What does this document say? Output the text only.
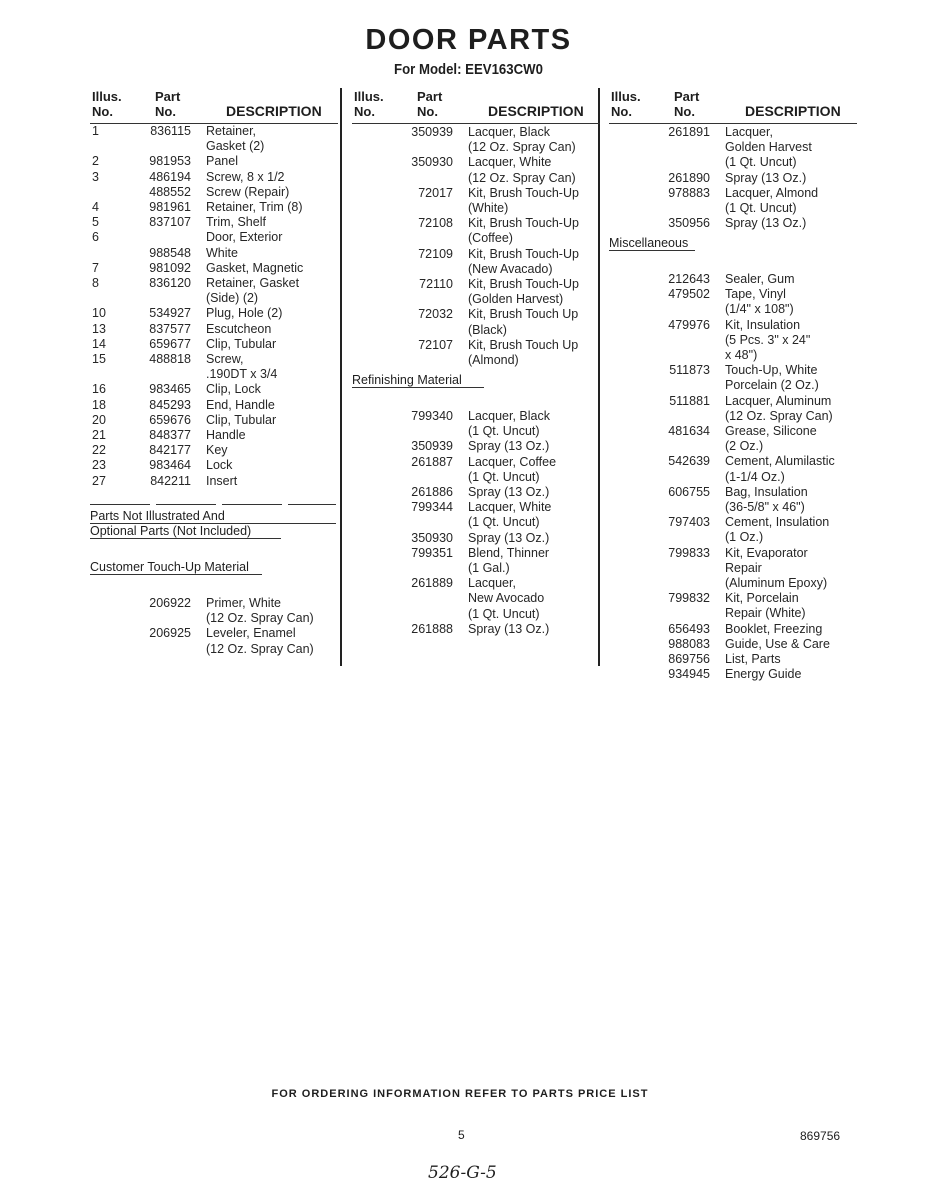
DOOR PARTS
For Model: EEV163CW0
Illus.
No.
Part
No.	DESCRIPTION
1	836115 Retainer,
Gasket (2)
2	981953 Panel
3	486194 Screw, 8 x 1/2
488552 Screw (Repair)
4	981961 Retainer, Trim (8)
5	837107 Trim, Shelf
6	Door, Exterior
988548 White
7	981092 Gasket, Magnetic
8	836120 Retainer, Gasket
(Side) (2)
10	534927 Plug, Hole (2)
13	837577 Escutcheon
14	659677 Clip, Tubular
15	488818 Screw,
.190DT x 3/4
16	983465 Clip, Lock
18	845293 End, Handle
20	659676 Clip, Tubular
21	848377 Handle
22	842177 Key
23	983464 Lock
27	842211 Insert
Parts Not Illustrated And
Optional Parts (Not Included)
Customer Touch-Up Material
206922 Primer, White
(12 Oz. Spray Can)
206925 Leveler, Enamel
(12 Oz. Spray Can)
Illus.
No.
Part
No.	DESCRIPTION
350939 Lacquer, Black
(12 Oz. Spray Can)
350930 Lacquer, White
(12 Oz. Spray Can)
72017 Kit, Brush Touch-Up
(White)
72108 Kit, Brush Touch-Up
(Coffee)
72109 Kit, Brush Touch-Up
(New Avacado)
72110 Kit, Brush Touch-Up
(Golden Harvest)
72032 Kit, Brush Touch Up
(Black)
72107 Kit, Brush Touch Up
(Almond)
Refinishing Material
799340 Lacquer, Black
(1 Qt. Uncut)
350939 Spray (13 Oz.)
261887 Lacquer, Coffee
(1 Qt. Uncut)
261886 Spray (13 Oz.)
799344 Lacquer, White
(1 Qt. Uncut)
350930 Spray (13 Oz.)
799351 Blend, Thinner
(1 Gal.)
261889 Lacquer,
New Avocado
(1 Qt. Uncut)
261888 Spray (13 Oz.)
Illus.
No.
Part
No.	DESCRIPTION
261891 Lacquer,
Golden Harvest
(1 Qt. Uncut)
261890 Spray (13 Oz.)
978883 Lacquer, Almond
(1 Qt. Uncut)
350956 Spray (13 Oz.)
Miscellaneous
212643 Sealer, Gum
479502 Tape, Vinyl
(1/4" x 108")
479976 Kit, Insulation
(5 Pcs. 3" x 24"
x 48")
511873 Touch-Up, White
Porcelain (2 Oz.)
511881 Lacquer, Aluminum
(12 Oz. Spray Can)
481634 Grease, Silicone
(2 Oz.)
542639 Cement, Alumilastic
(1-1/4 Oz.)
606755 Bag, Insulation
(36-5/8" x 46")
797403 Cement, Insulation
(1 Oz.)
799833 Kit, Evaporator
Repair
(Aluminum Epoxy)
799832 Kit, Porcelain
Repair (White)
656493 Booklet, Freezing
988083 Guide, Use & Care
869756 List, Parts
934945 Energy Guide
FOR ORDERING INFORMATION REFER TO PARTS PRICE LIST
5	869756
526-G-5
